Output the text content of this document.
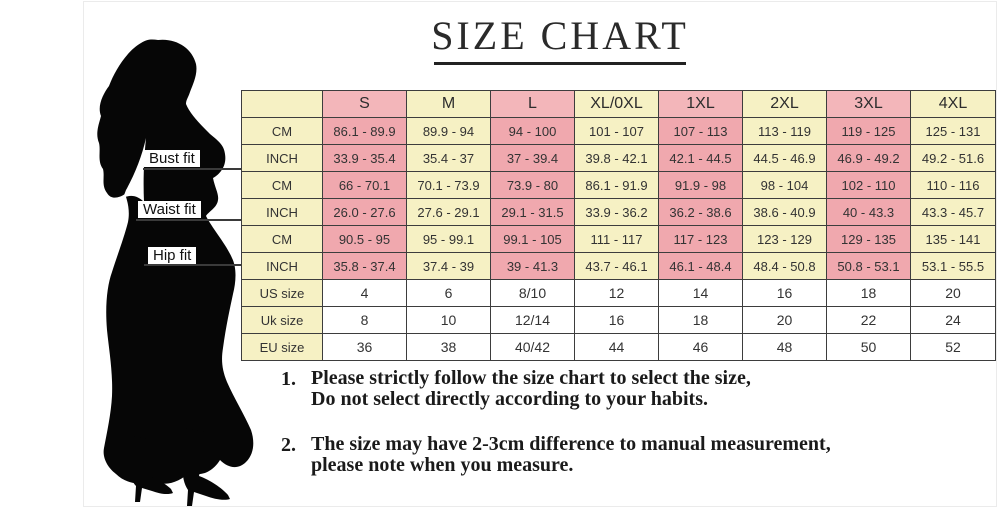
SIZE CHART
Bust fit
Waist fit
Hip fit
	S	M	L	XL/0XL	1XL	2XL	3XL	4XL
CM	86.1 - 89.9	89.9 - 94	94 - 100	101 - 107	107 - 113	113 - 119	119 - 125	125 - 131
INCH	33.9 - 35.4	35.4 - 37	37 - 39.4	39.8 - 42.1	42.1 - 44.5	44.5 - 46.9	46.9 - 49.2	49.2 - 51.6
CM	66 - 70.1	70.1 - 73.9	73.9 - 80	86.1 - 91.9	91.9 - 98	98 - 104	102 - 110	110 - 116
INCH	26.0 - 27.6	27.6 - 29.1	29.1 - 31.5	33.9 - 36.2	36.2 - 38.6	38.6 - 40.9	40 - 43.3	43.3 - 45.7
CM	90.5 - 95	95 - 99.1	99.1 - 105	111 - 117	117 - 123	123 - 129	129 - 135	135 - 141
INCH	35.8 - 37.4	37.4 - 39	39 - 41.3	43.7 - 46.1	46.1 - 48.4	48.4 - 50.8	50.8 - 53.1	53.1 - 55.5
US size	4	6	8/10	12	14	16	18	20
Uk size	8	10	12/14	16	18	20	22	24
EU size	36	38	40/42	44	46	48	50	52
1. Please strictly follow the size chart to select the size,
Do not select directly according to your habits.
2. The size may have 2-3cm difference to manual measurement,
please note when you measure.
